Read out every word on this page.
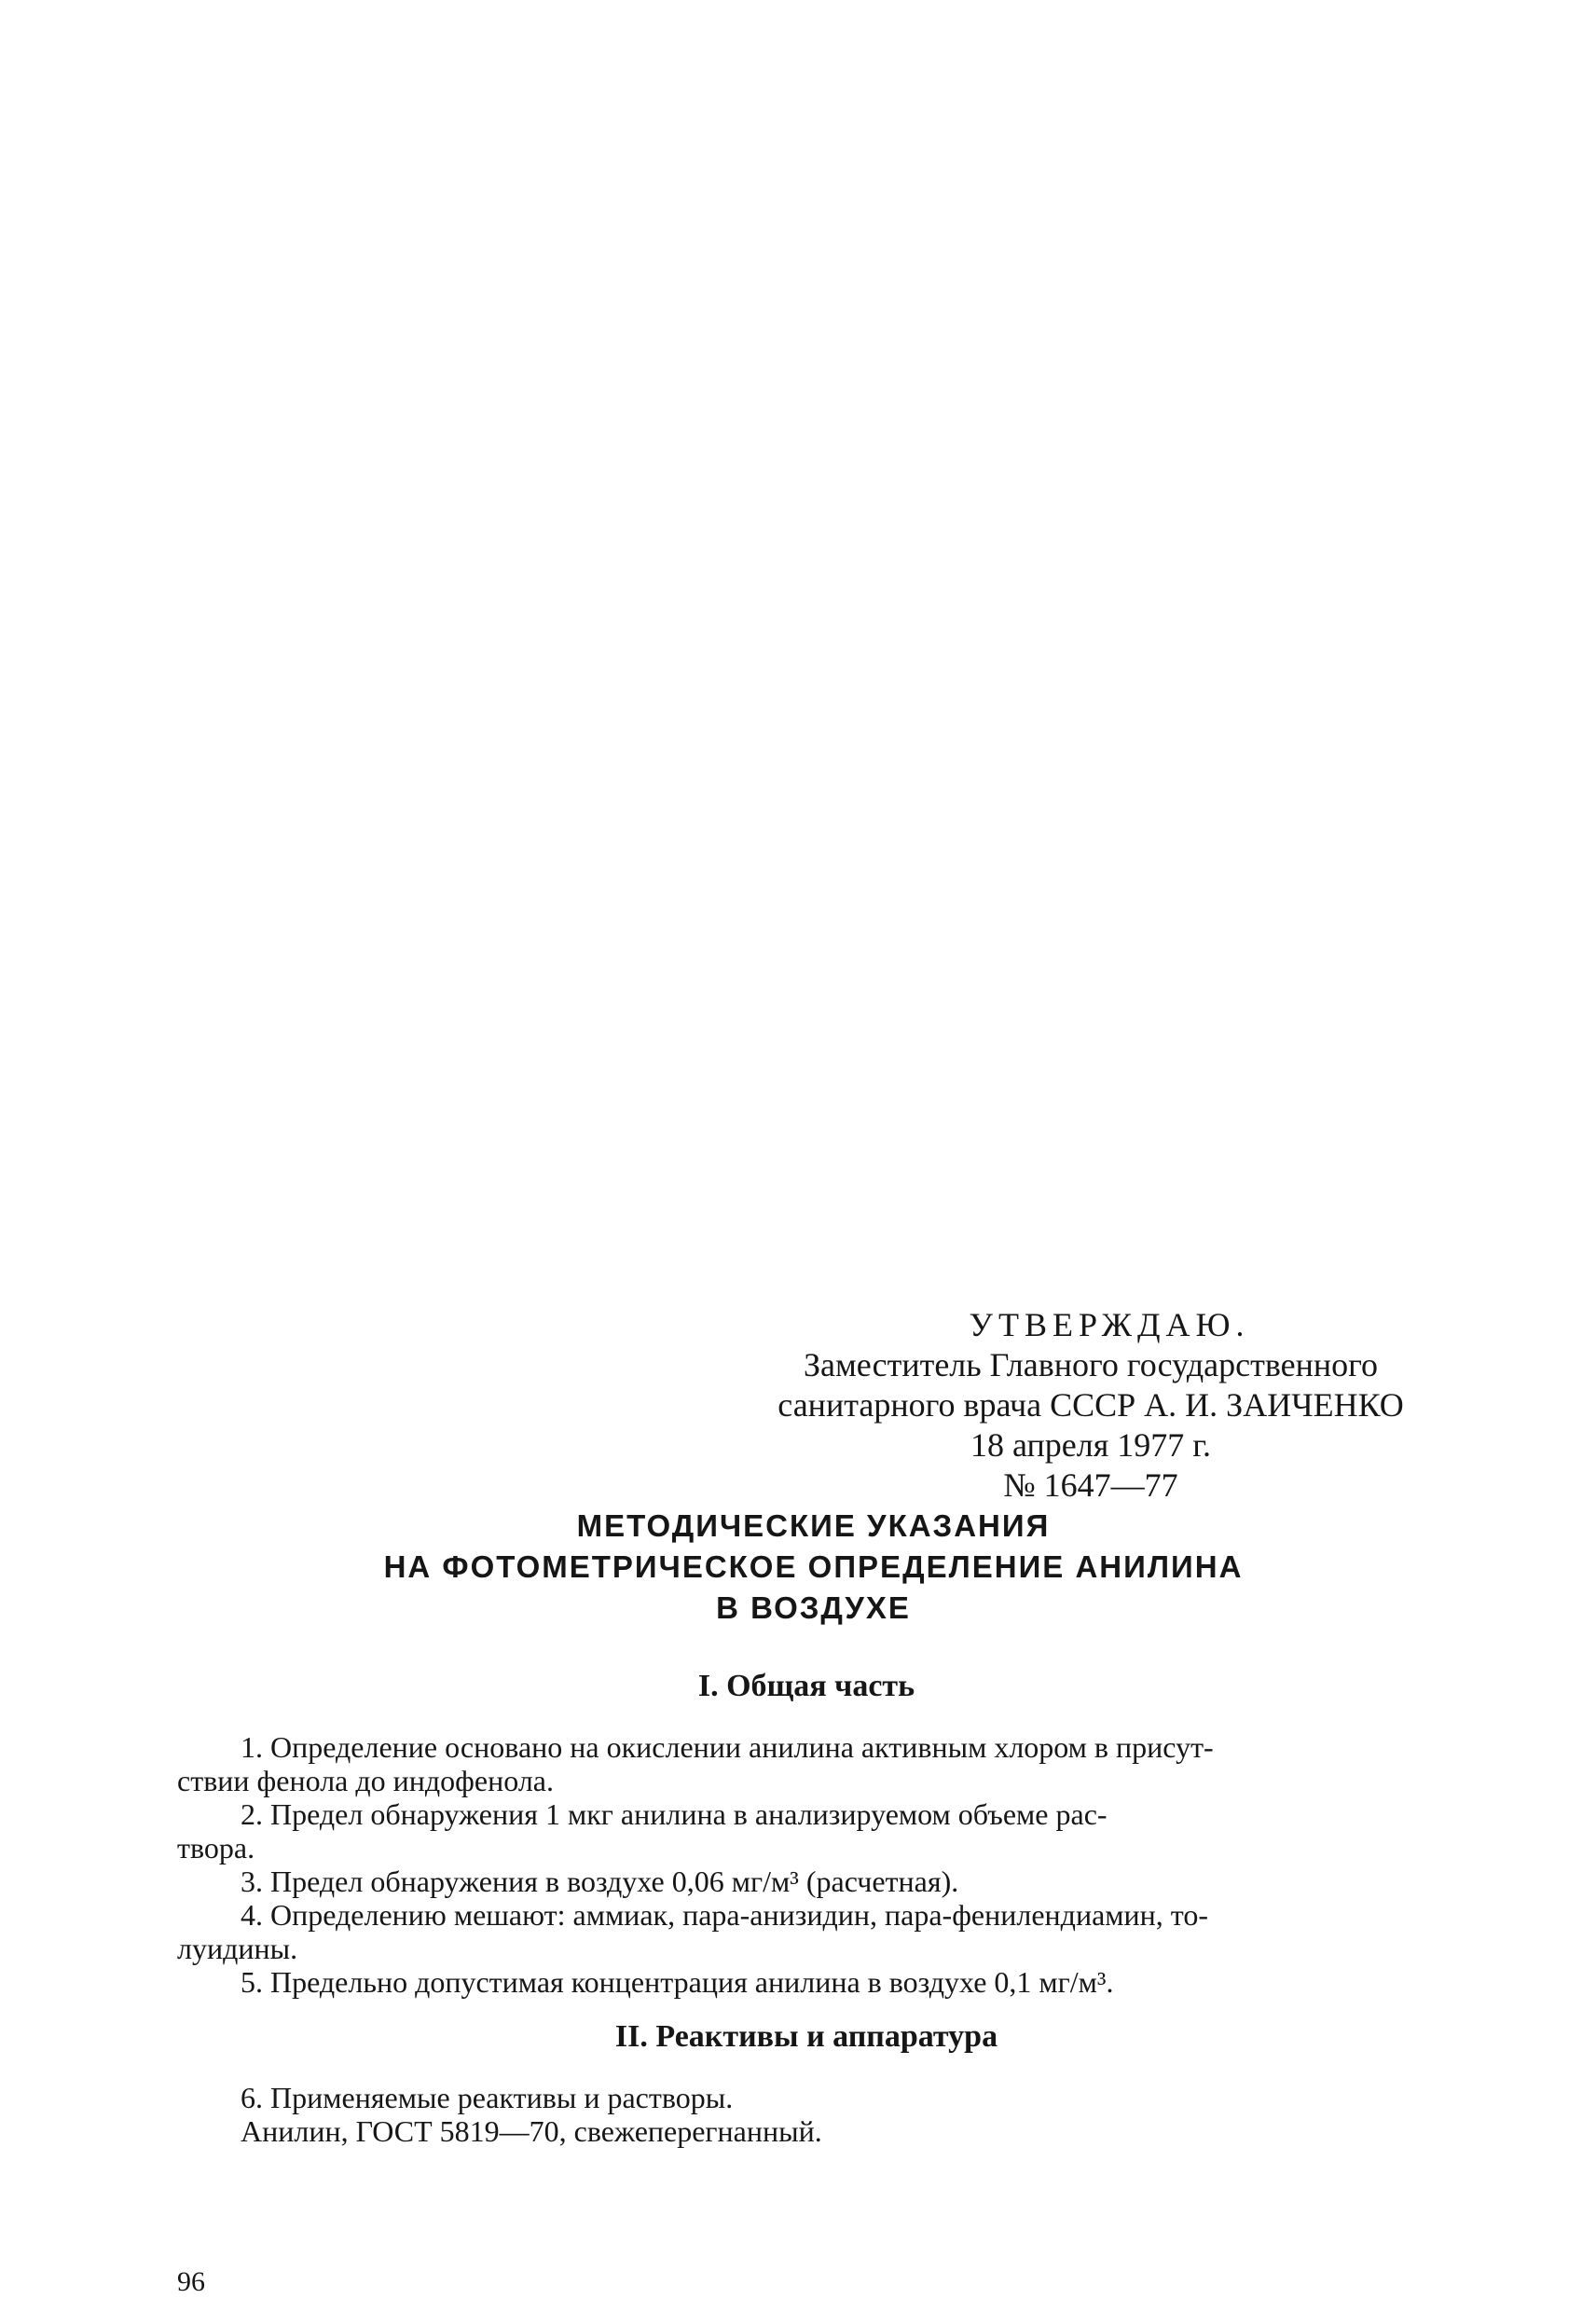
УТВЕРЖДАЮ.
Заместитель Главного государственного
санитарного врача СССР А. И. ЗАИЧЕНКО
18 апреля 1977 г.
№ 1647—77
МЕТОДИЧЕСКИЕ УКАЗАНИЯ
НА ФОТОМЕТРИЧЕСКОЕ ОПРЕДЕЛЕНИЕ АНИЛИНА
В ВОЗДУХЕ
I. Общая часть

1. Определение основано на окислении анилина активным хлором в присут-
ствии фенола до индофенола.

2. Предел обнаружения 1 мкг анилина в анализируемом объеме рас-
твора.

3. Предел обнаружения в воздухе 0,06 мг/м³ (расчетная).

4. Определению мешают: аммиак, пара-анизидин, пара-фенилендиамин, то-
луидины.

5. Предельно допустимая концентрация анилина в воздухе 0,1 мг/м³.

II. Реактивы и аппаратура

6. Применяемые реактивы и растворы.

Анилин, ГОСТ 5819—70, свежеперегнанный.

96
